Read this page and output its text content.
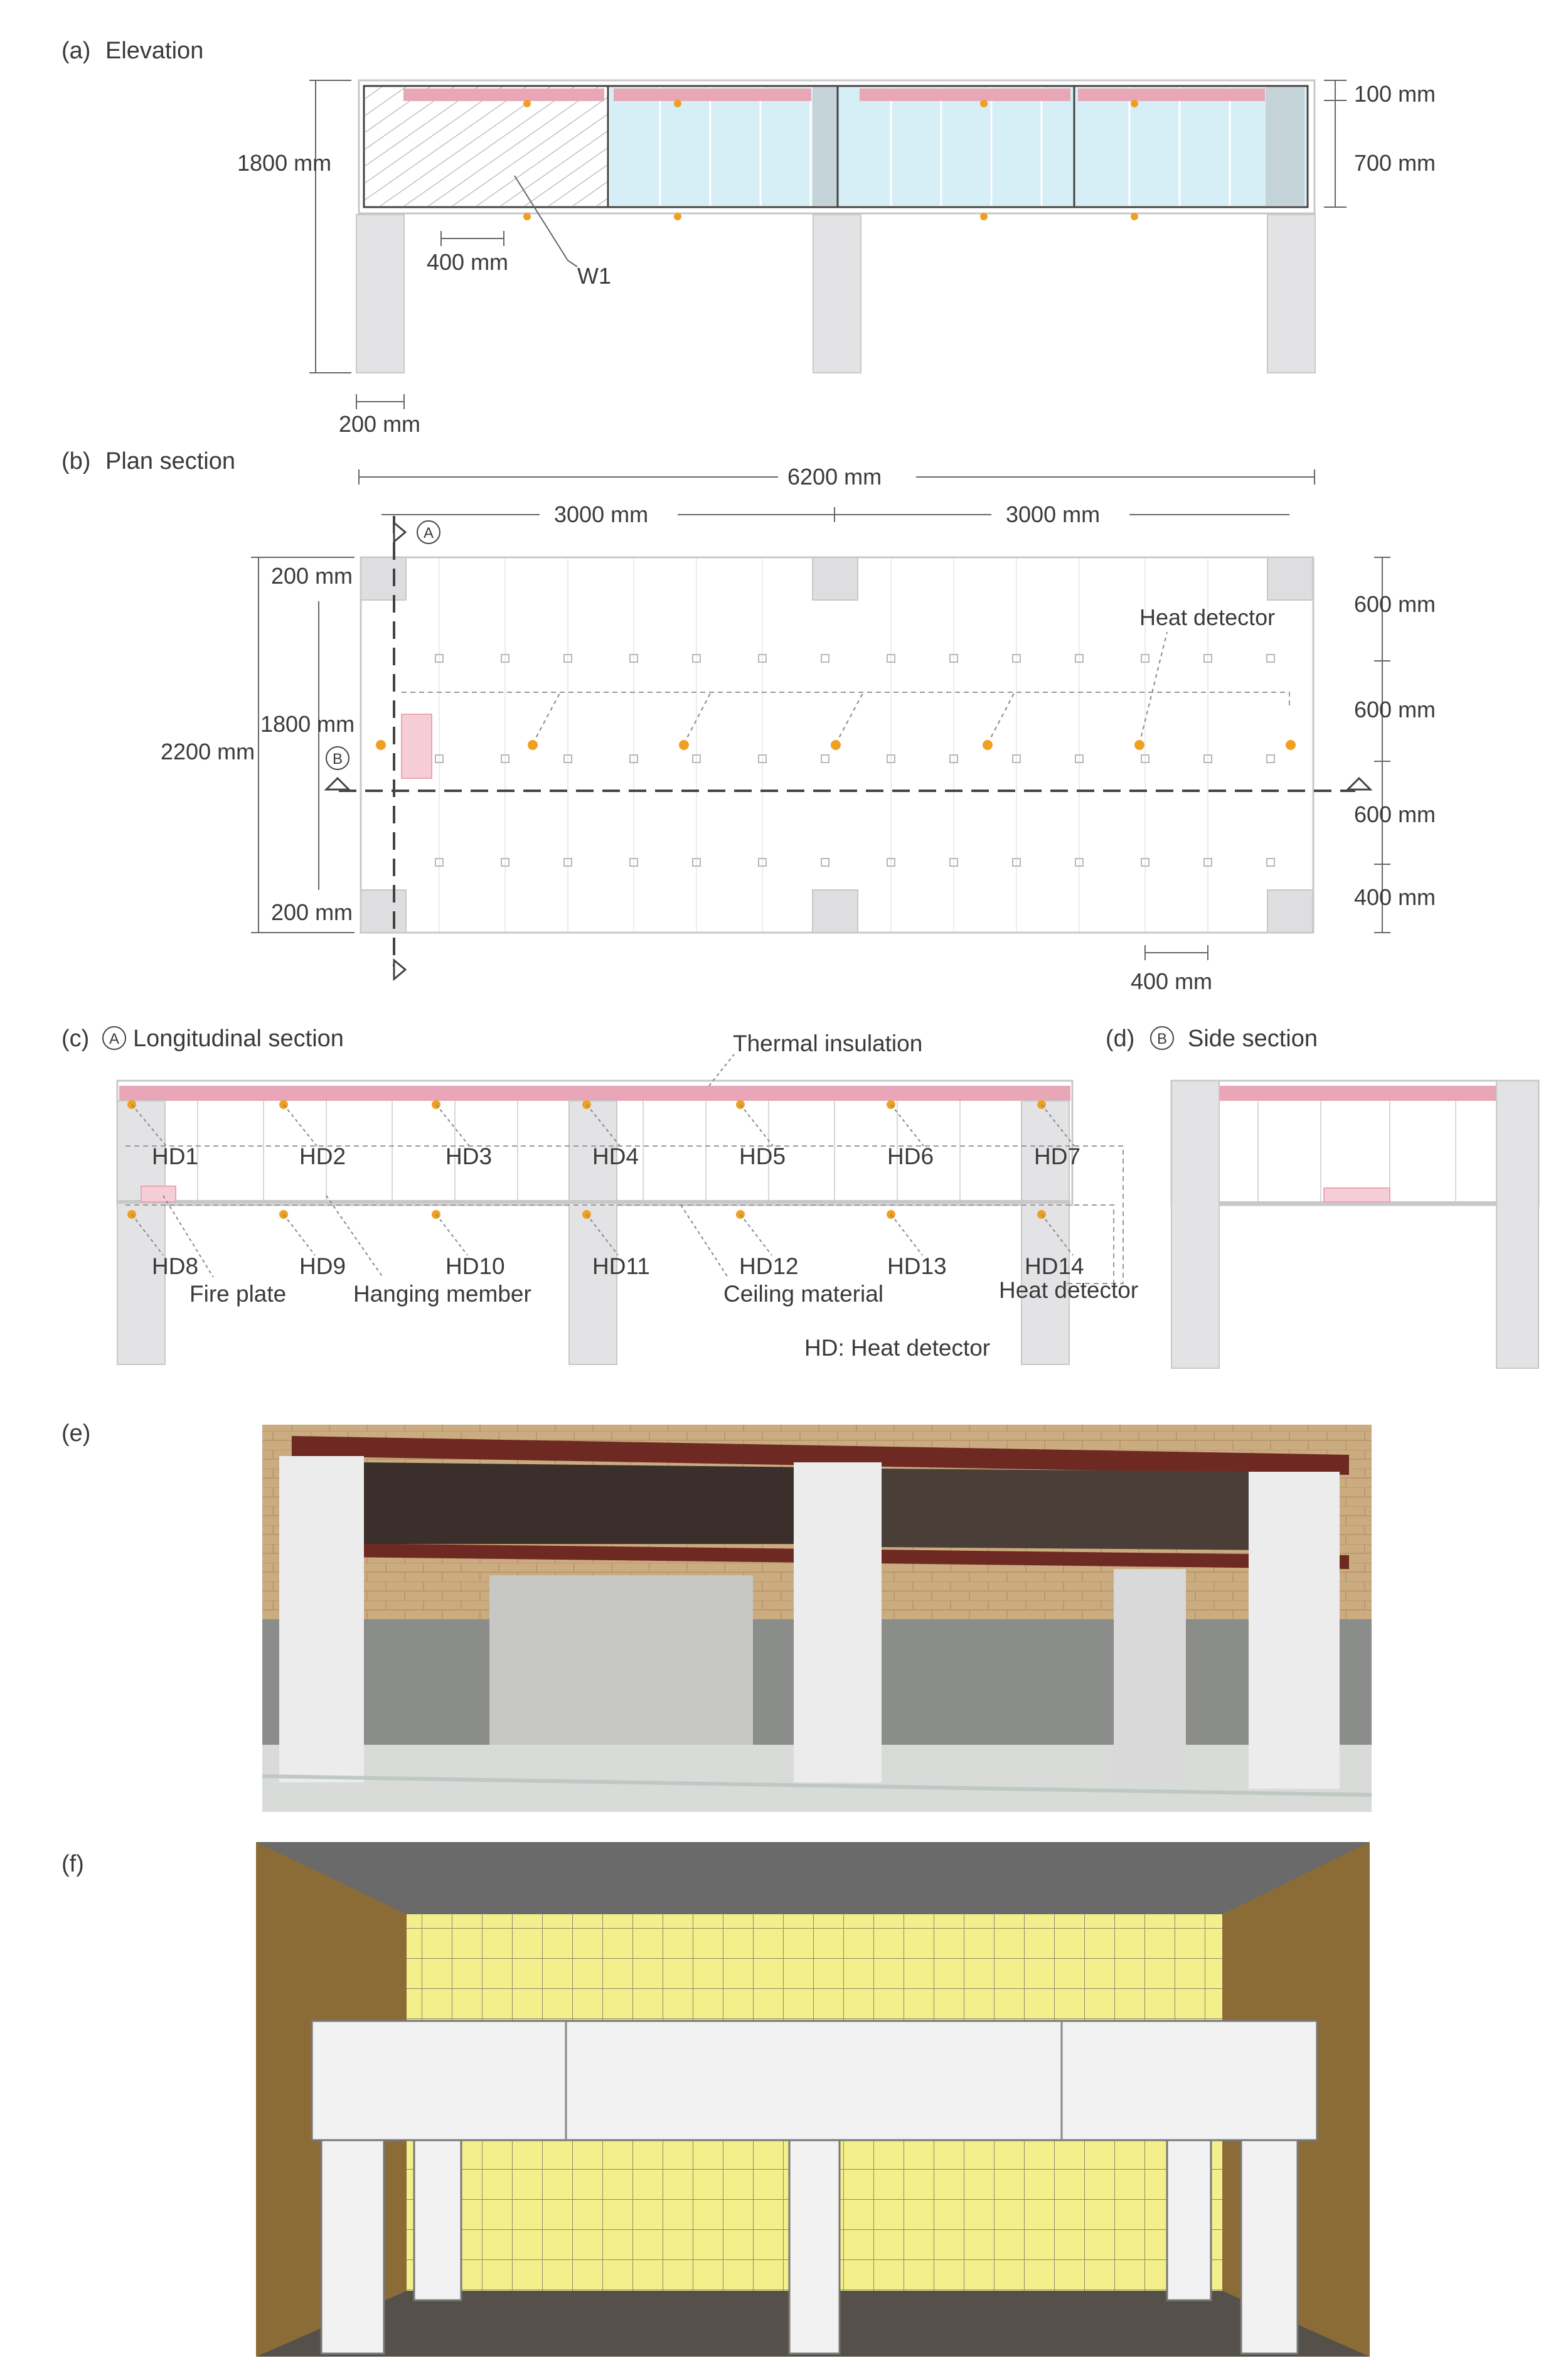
(a) Elevation
1800 mm
100 mm
700 mm
400 mm
W1
200 mm
(b) Plan section
6200 mm
3000 mm	3000 mm
Heat detector
A
B
2200 mm
1800 mm
200 mm
200 mm
600 mm
600 mm
600 mm
400 mm
400 mm
(c) A Longitudinal section
HD1	HD2	HD3	HD4	HD5	HD6	HD7
HD8	HD9	HD10	HD11	HD12	HD13	HD14
Thermal insulation
Fire plate	Hanging member	Ceiling material	Heat detector
HD: Heat detector
(d) B Side section
(e)
(f)
